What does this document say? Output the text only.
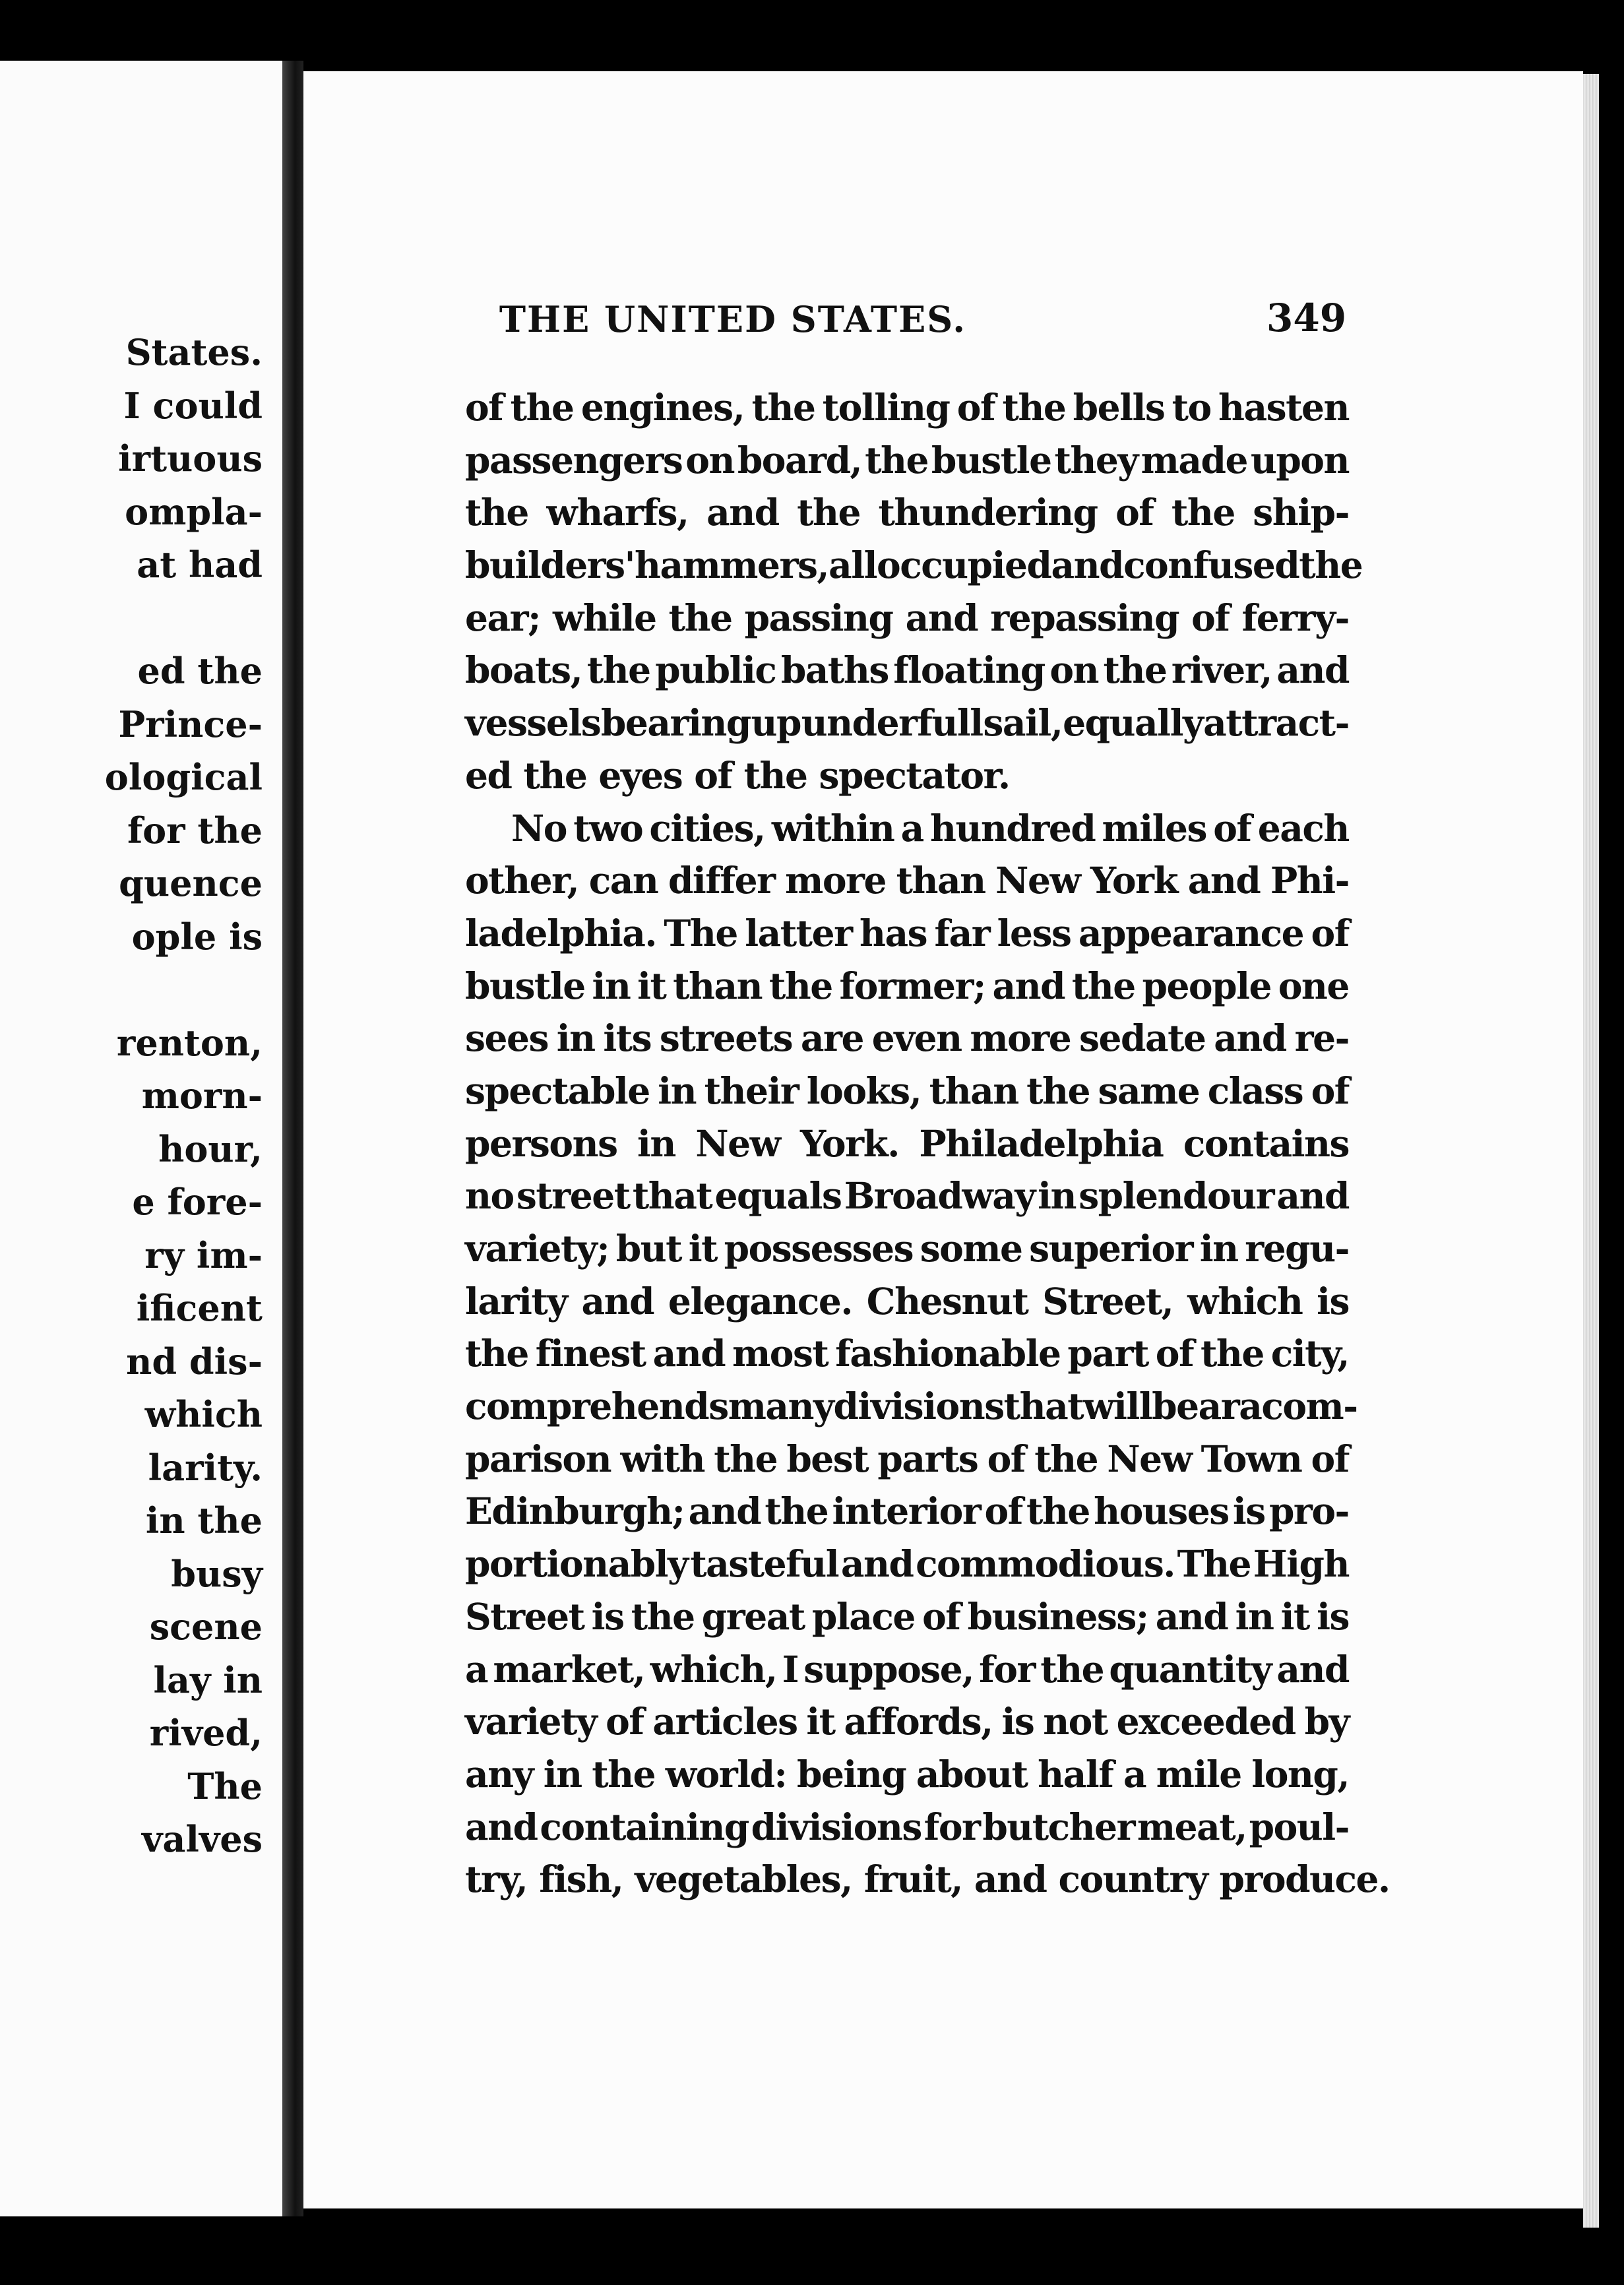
States.
I could
irtuous
ompla-
at had
ed the
Prince-
ological
for the
quence
ople is
renton,
morn-
hour,
e fore-
ry im-
ificent
nd dis-
which
larity.
in the
busy
scene
lay in
rived,
The
valves
THE UNITED STATES.	349
of the engines, the tolling of the bells to hasten
passengers on board, the bustle they made upon
the wharfs, and the thundering of the ship-
builders' hammers, all occupied and confused the
ear; while the passing and repassing of ferry-
boats, the public baths floating on the river, and
vessels bearing up under full sail, equally attract-
ed the eyes of the spectator.
No two cities, within a hundred miles of each
other, can differ more than New York and Phi-
ladelphia. The latter has far less appearance of
bustle in it than the former; and the people one
sees in its streets are even more sedate and re-
spectable in their looks, than the same class of
persons in New York. Philadelphia contains
no street that equals Broadway in splendour and
variety; but it possesses some superior in regu-
larity and elegance. Chesnut Street, which is
the finest and most fashionable part of the city,
comprehends many divisions that will bear a com-
parison with the best parts of the New Town of
Edinburgh; and the interior of the houses is pro-
portionably tasteful and commodious. The High
Street is the great place of business; and in it is
a market, which, I suppose, for the quantity and
variety of articles it affords, is not exceeded by
any in the world: being about half a mile long,
and containing divisions for butcher meat, poul-
try, fish, vegetables, fruit, and country produce.
